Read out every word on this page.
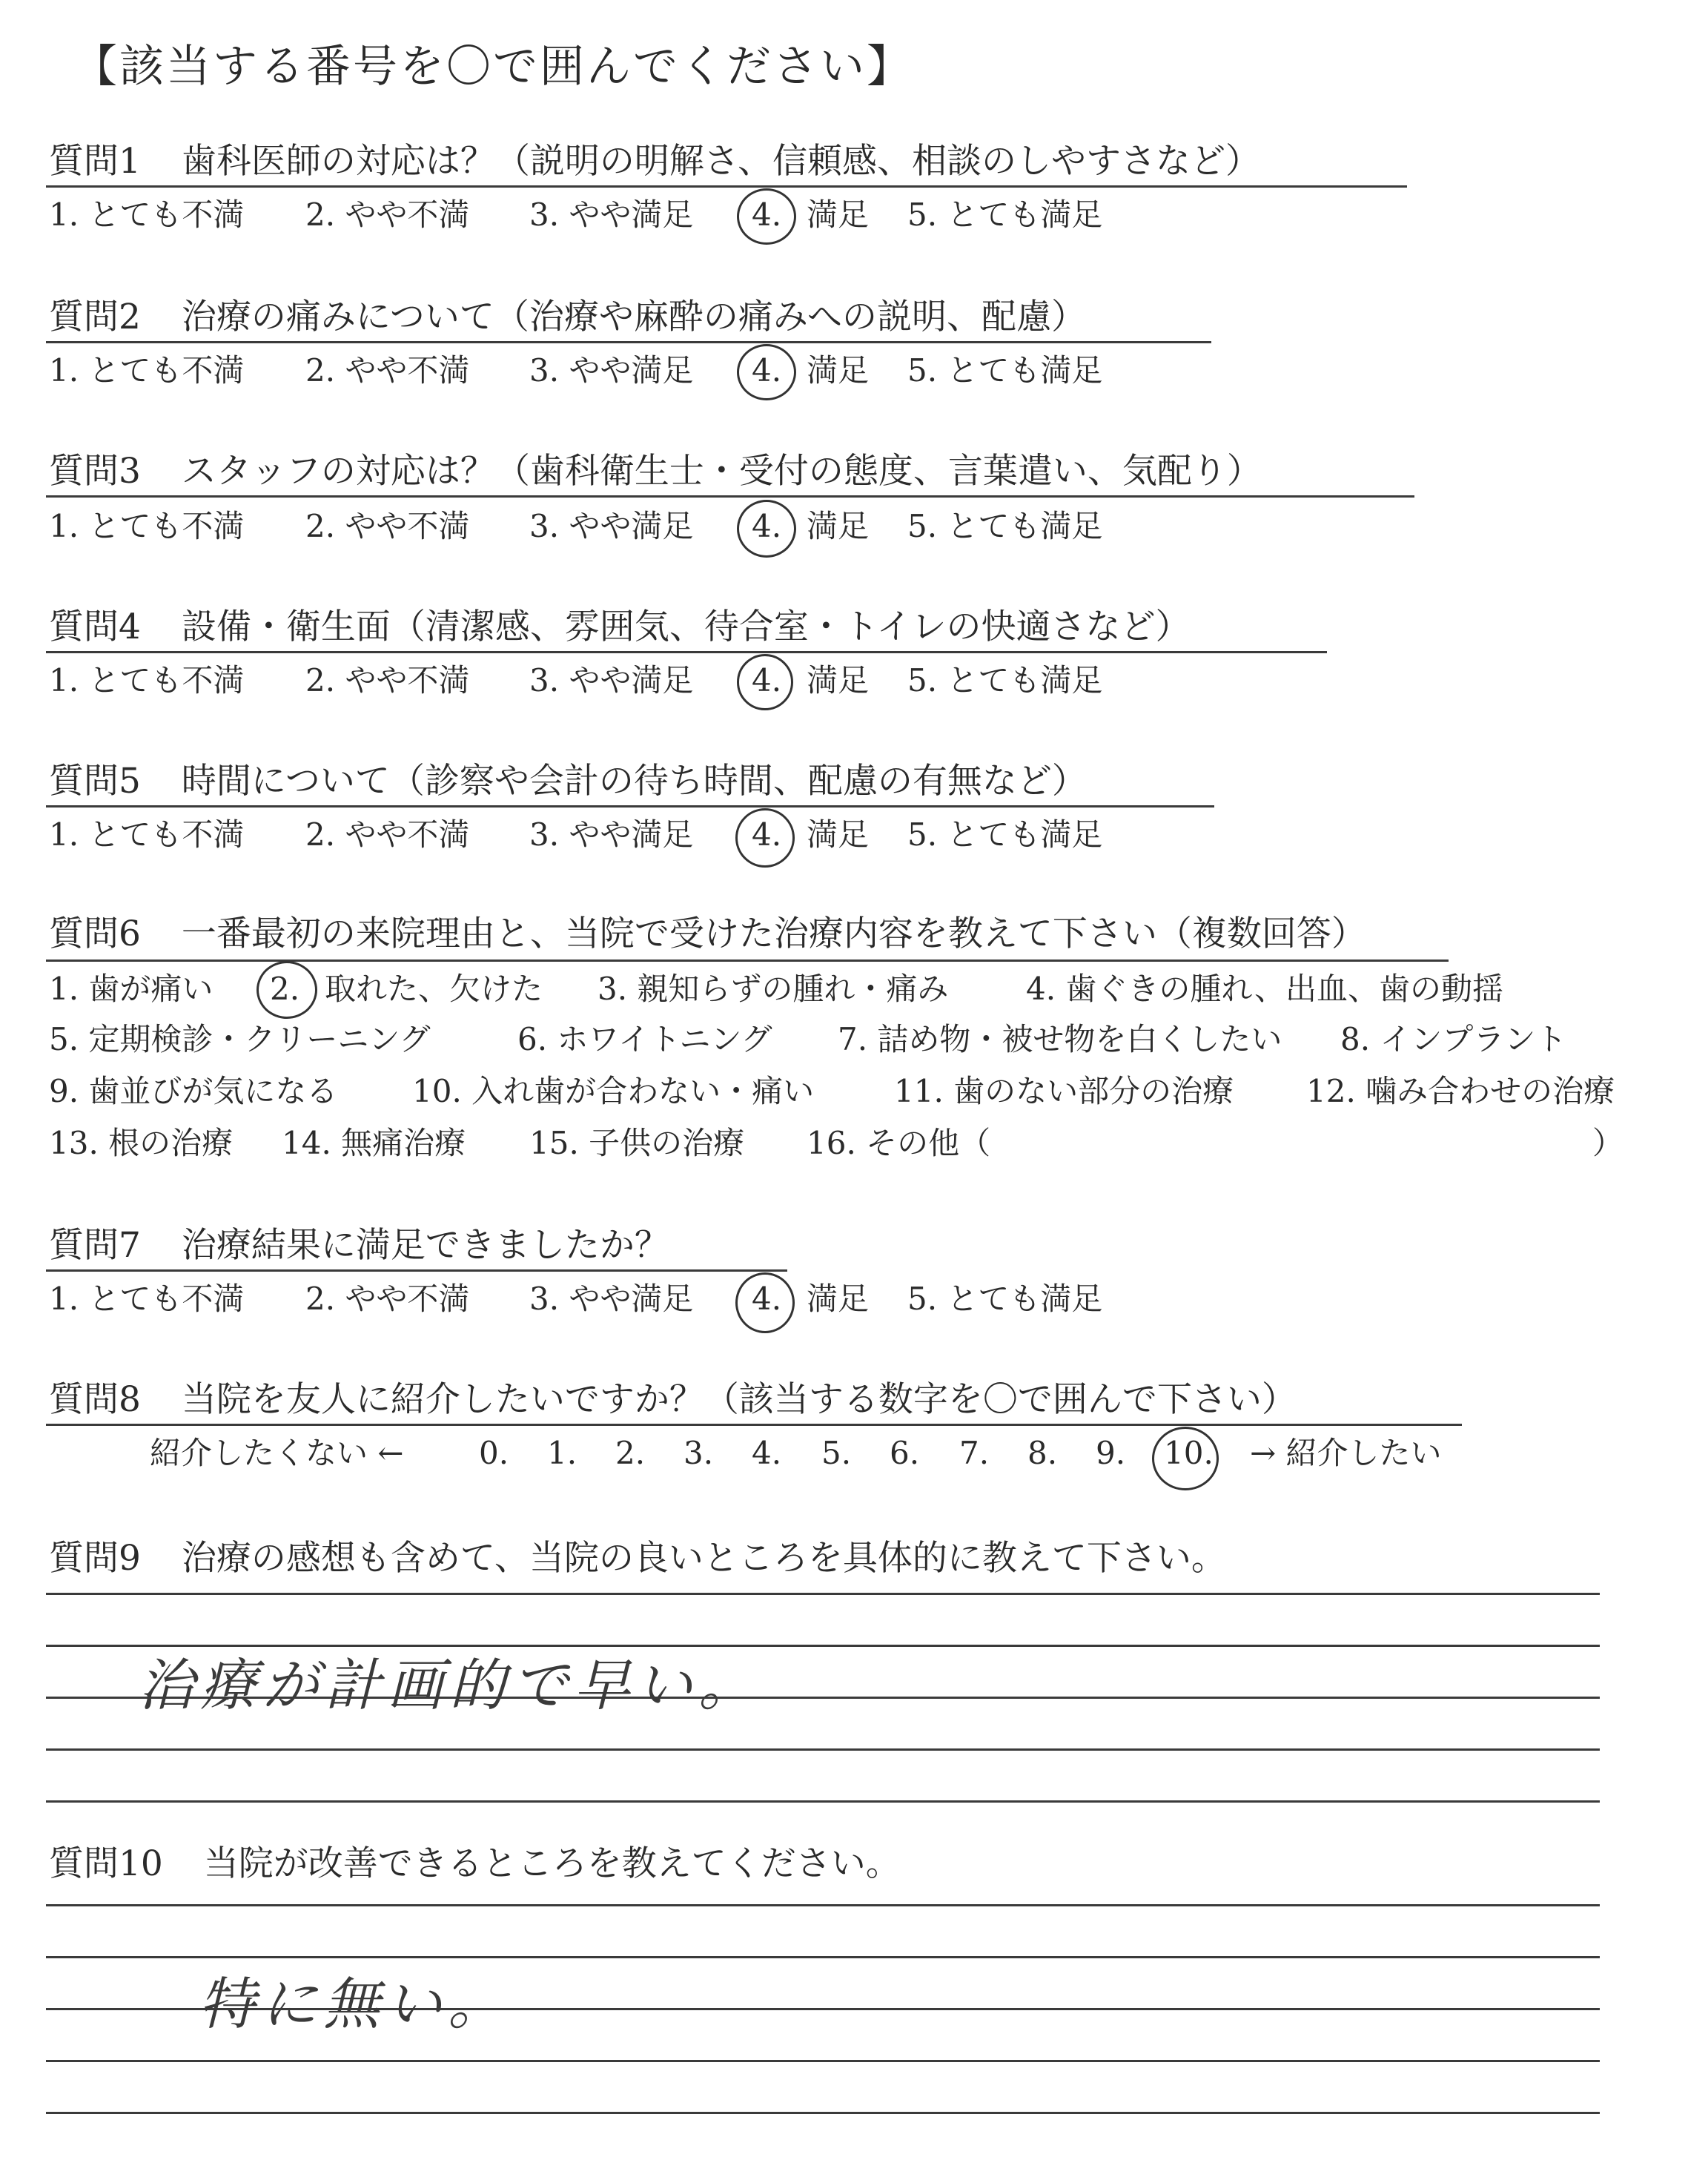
【該当する番号を〇で囲んでください】
質問1 歯科医師の対応は？（説明の明解さ、信頼感、相談のしやすさなど）
1. とても不満 2. やや不満 3. やや満足 4. 満足 5. とても満足
質問2 治療の痛みについて（治療や麻酔の痛みへの説明、配慮）
1. とても不満 2. やや不満 3. やや満足 4. 満足 5. とても満足
質問3 スタッフの対応は？（歯科衛生士・受付の態度、言葉遣い、気配り）
1. とても不満 2. やや不満 3. やや満足 4. 満足 5. とても満足
質問4 設備・衛生面（清潔感、雰囲気、待合室・トイレの快適さなど）
1. とても不満 2. やや不満 3. やや満足 4. 満足 5. とても満足
質問5 時間について（診察や会計の待ち時間、配慮の有無など）
1. とても不満 2. やや不満 3. やや満足 4. 満足 5. とても満足
質問6 一番最初の来院理由と、当院で受けた治療内容を教えて下さい（複数回答）
1. 歯が痛い 2. 取れた、欠けた 3. 親知らずの腫れ・痛み 4. 歯ぐきの腫れ、出血、歯の動揺
5. 定期検診・クリーニング	6. ホワイトニング 7. 詰め物・被せ物を白くしたい 8. インプラント
9. 歯並びが気になる 10. 入れ歯が合わない・痛い	11. 歯のない部分の治療 12. 噛み合わせの治療
13. 根の治療 14. 無痛治療 15. 子供の治療 16. その他（	）
質問7 治療結果に満足できましたか？
1. とても不満 2. やや不満 3. やや満足 4. 満足 5. とても満足
質問8 当院を友人に紹介したいですか？（該当する数字を〇で囲んで下さい）
紹介したくない ← 0. 1. 2. 3. 4. 5. 6. 7. 8. 9. 10. → 紹介したい
質問9 治療の感想も含めて、当院の良いところを具体的に教えて下さい。
治療が計画的で早い。
質問10 当院が改善できるところを教えてください。
特に無い。
